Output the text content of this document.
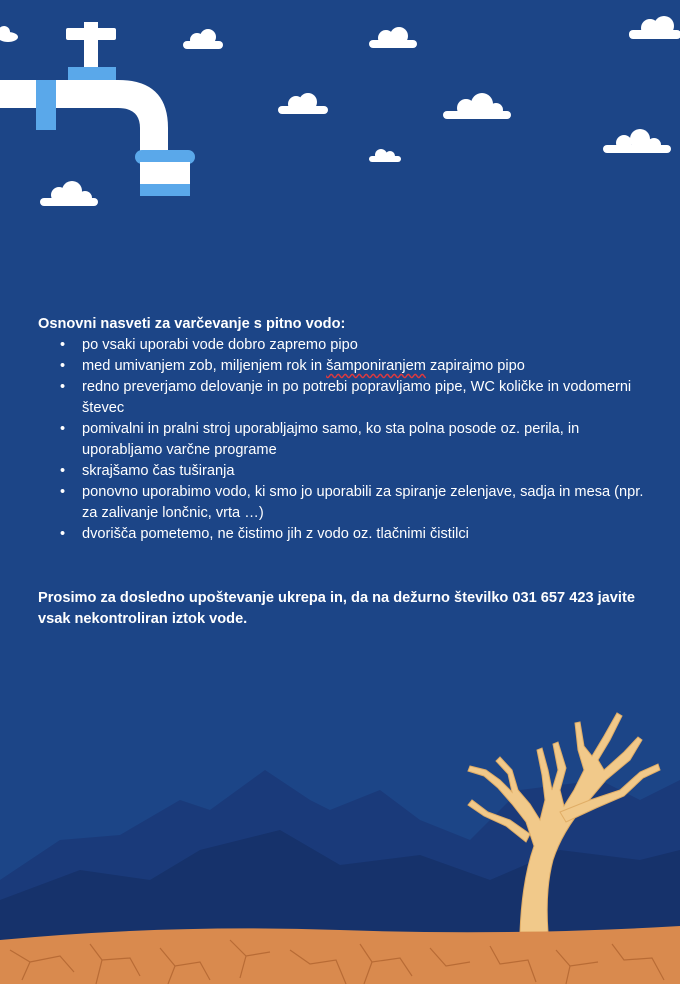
Osnovni nasveti za varčevanje s pitno vodo:
• po vsaki uporabi vode dobro zapremo pipo
• med umivanjem zob, miljenjem rok in šamponiranjem zapirajmo pipo
• redno preverjamo delovanje in po potrebi popravljamo pipe, WC količke in vodomerni števec
• pomivalni in pralni stroj uporabljajmo samo, ko sta polna posode oz. perila, in uporabljamo varčne programe
• skrajšamo čas tuširanja
• ponovno uporabimo vodo, ki smo jo uporabili za spiranje zelenjave, sadja in mesa (npr. za zalivanje lončnic, vrta …)
• dvorišča pometemo, ne čistimo jih z vodo oz. tlačnimi čistilci
Prosimo za dosledno upoštevanje ukrepa in, da na dežurno številko 031 657 423 javite vsak nekontroliran iztok vode.
